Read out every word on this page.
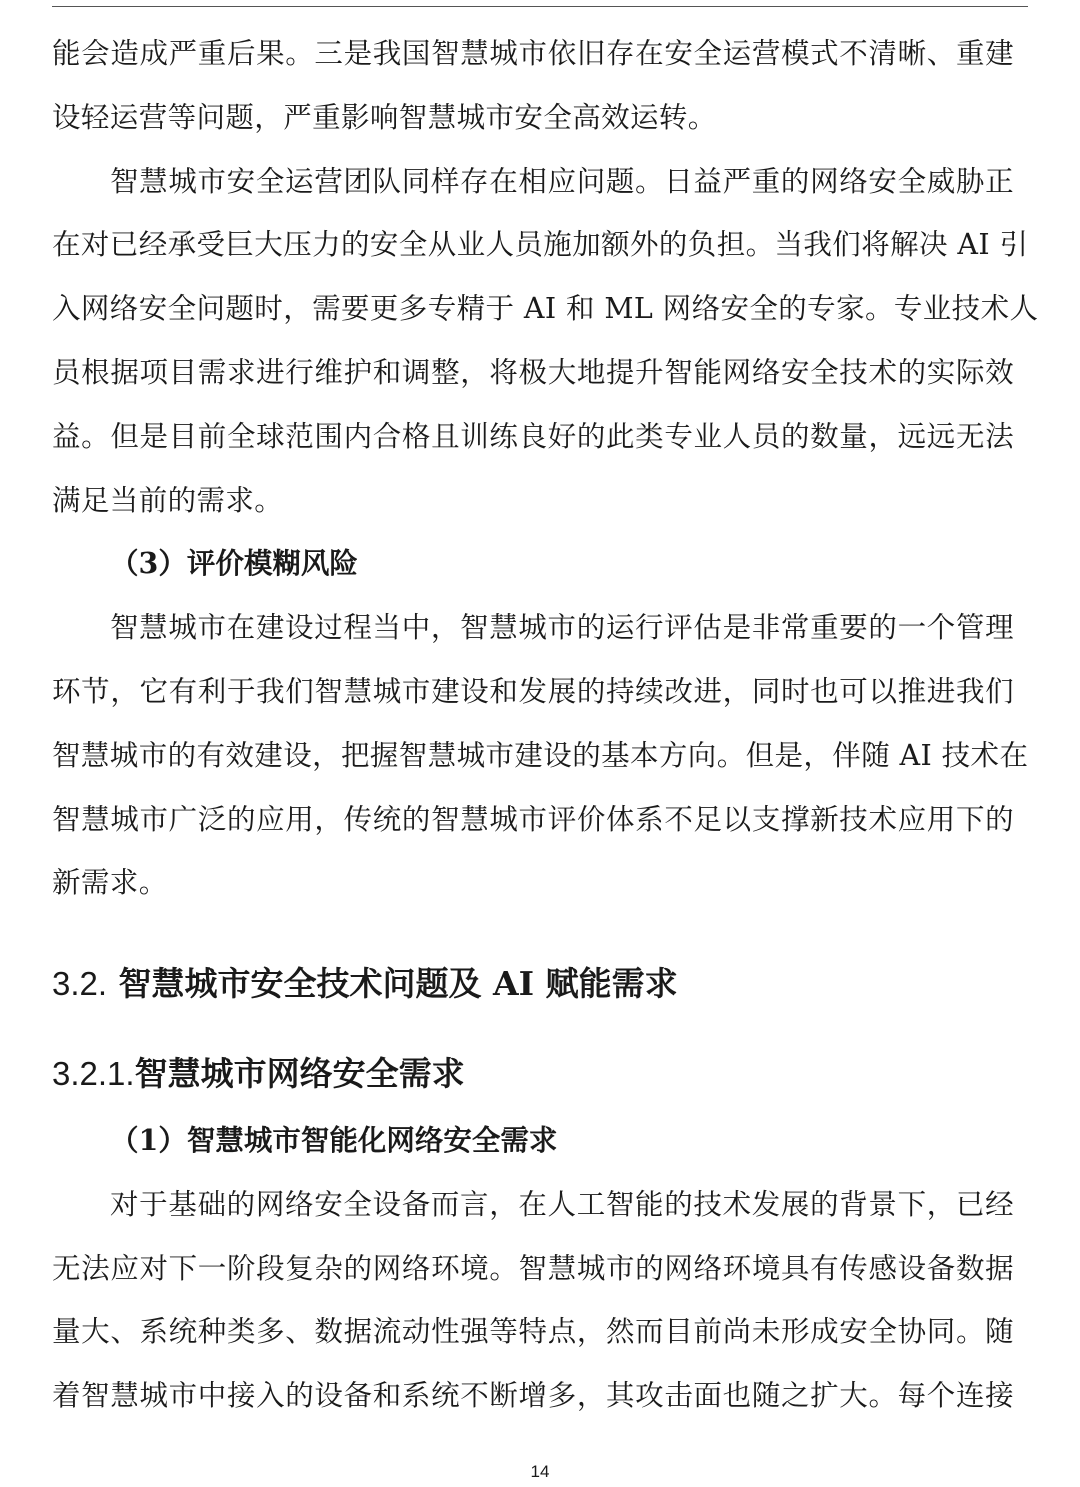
能会造成严重后果。三是我国智慧城市依旧存在安全运营模式不清晰、重建
设轻运营等问题，严重影响智慧城市安全高效运转。
智慧城市安全运营团队同样存在相应问题。日益严重的网络安全威胁正
在对已经承受巨大压力的安全从业人员施加额外的负担。当我们将解决 AI 引
入网络安全问题时，需要更多专精于 AI 和 ML 网络安全的专家。专业技术人
员根据项目需求进行维护和调整，将极大地提升智能网络安全技术的实际效
益。但是目前全球范围内合格且训练良好的此类专业人员的数量，远远无法
满足当前的需求。
（3）评价模糊风险
智慧城市在建设过程当中，智慧城市的运行评估是非常重要的一个管理
环节，它有利于我们智慧城市建设和发展的持续改进，同时也可以推进我们
智慧城市的有效建设，把握智慧城市建设的基本方向。但是，伴随 AI 技术在
智慧城市广泛的应用，传统的智慧城市评价体系不足以支撑新技术应用下的
新需求。
3.2. 智慧城市安全技术问题及 AI 赋能需求
3.2.1.智慧城市网络安全需求
（1）智慧城市智能化网络安全需求
对于基础的网络安全设备而言，在人工智能的技术发展的背景下，已经
无法应对下一阶段复杂的网络环境。智慧城市的网络环境具有传感设备数据
量大、系统种类多、数据流动性强等特点，然而目前尚未形成安全协同。随
着智慧城市中接入的设备和系统不断增多，其攻击面也随之扩大。每个连接
14
